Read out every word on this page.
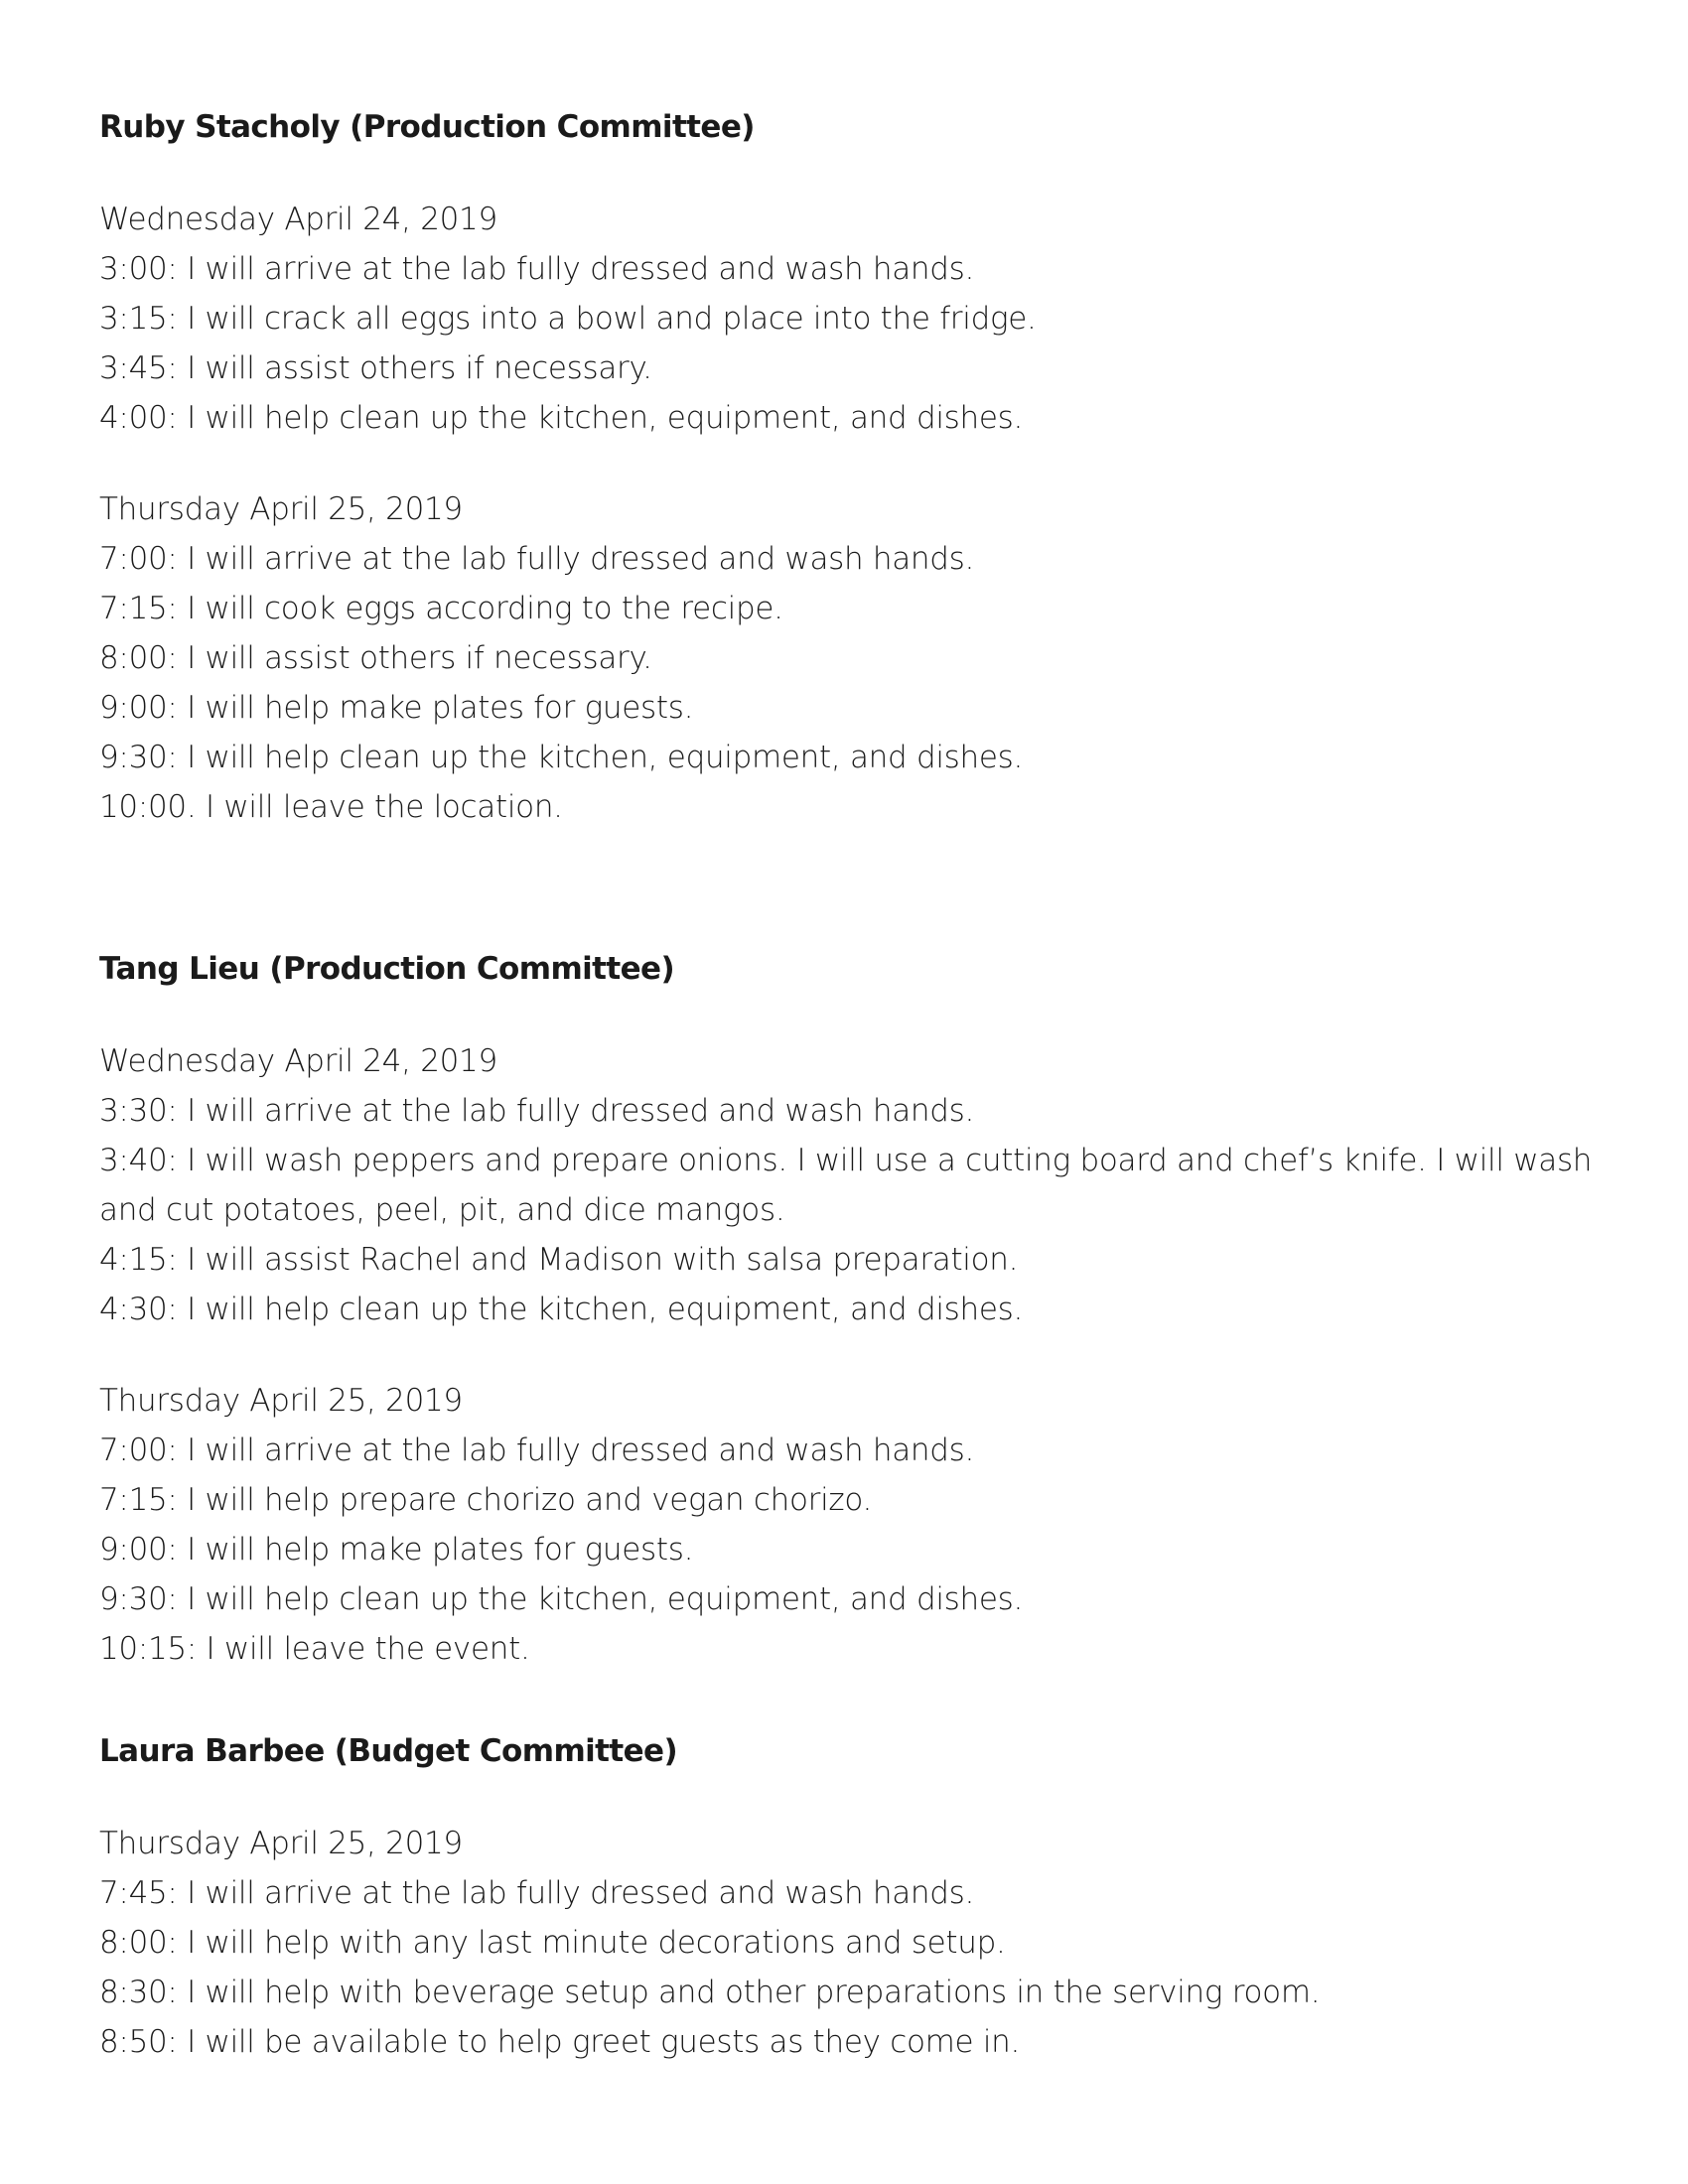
Ruby Stacholy (Production Committee)

Wednesday April 24, 2019

3:00: I will arrive at the lab fully dressed and wash hands.

3:15: I will crack all eggs into a bowl and place into the fridge.

3:45: I will assist others if necessary.

4:00: I will help clean up the kitchen, equipment, and dishes.

Thursday April 25, 2019

7:00: I will arrive at the lab fully dressed and wash hands.

7:15: I will cook eggs according to the recipe.

8:00: I will assist others if necessary.

9:00: I will help make plates for guests.

9:30: I will help clean up the kitchen, equipment, and dishes.

10:00. I will leave the location.

Tang Lieu (Production Committee)

Wednesday April 24, 2019

3:30: I will arrive at the lab fully dressed and wash hands.

3:40: I will wash peppers and prepare onions. I will use a cutting board and chef’s knife. I will wash

and cut potatoes, peel, pit, and dice mangos.

4:15: I will assist Rachel and Madison with salsa preparation.

4:30: I will help clean up the kitchen, equipment, and dishes.

Thursday April 25, 2019

7:00: I will arrive at the lab fully dressed and wash hands.

7:15: I will help prepare chorizo and vegan chorizo.

9:00: I will help make plates for guests.

9:30: I will help clean up the kitchen, equipment, and dishes.

10:15: I will leave the event.

Laura Barbee (Budget Committee)

Thursday April 25, 2019

7:45: I will arrive at the lab fully dressed and wash hands.

8:00: I will help with any last minute decorations and setup.

8:30: I will help with beverage setup and other preparations in the serving room.

8:50: I will be available to help greet guests as they come in.
